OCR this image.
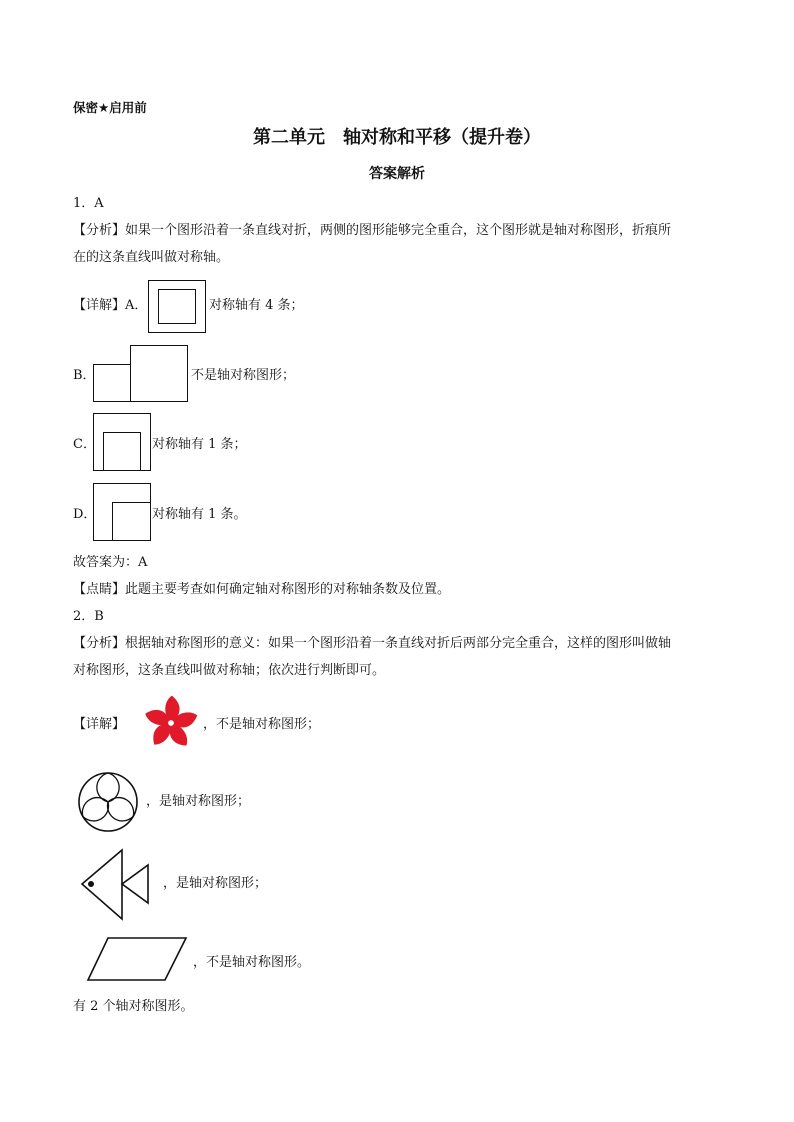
保密★启用前
第二单元　轴对称和平移（提升卷）
答案解析
1．A
【分析】如果一个图形沿着一条直线对折，两侧的图形能够完全重合，这个图形就是轴对称图形，折痕所
在的这条直线叫做对称轴。
【详解】A．	对称轴有 4 条；
B．	不是轴对称图形；
C．	对称轴有 1 条；
D．	对称轴有 1 条。
故答案为：A
【点睛】此题主要考查如何确定轴对称图形的对称轴条数及位置。
2．B
【分析】根据轴对称图形的意义：如果一个图形沿着一条直线对折后两部分完全重合，这样的图形叫做轴
对称图形，这条直线叫做对称轴；依次进行判断即可。
【详解】	，不是轴对称图形；
，是轴对称图形；
，是轴对称图形；
，不是轴对称图形。
有 2 个轴对称图形。
